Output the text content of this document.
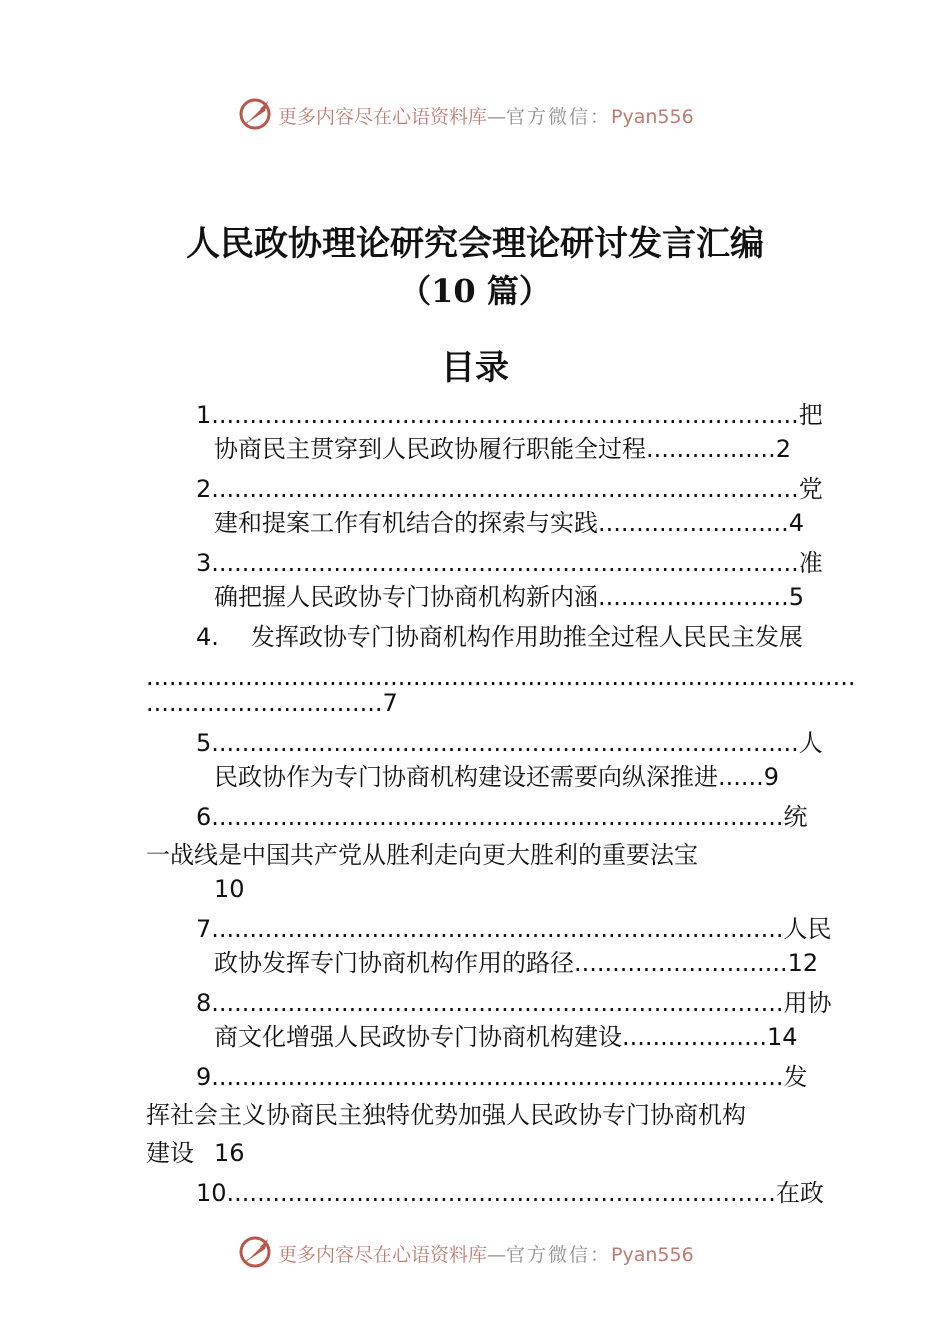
更多内容尽在心语资料库—官方微信：Pyan556
人民政协理论研究会理论研讨发言汇编
（10 篇）
目录
1.............................................................................把
协商民主贯穿到人民政协履行职能全过程.................2
2.............................................................................党
建和提案工作有机结合的探索与实践.........................4
3.............................................................................准
确把握人民政协专门协商机构新内涵.........................5
4. 发挥政协专门协商机构作用助推全过程人民民主发展
.............................................................................................
...............................7
5.............................................................................人
民政协作为专门协商机构建设还需要向纵深推进......9
6...........................................................................统
一战线是中国共产党从胜利走向更大胜利的重要法宝
10
7...........................................................................人民
政协发挥专门协商机构作用的路径............................12
8...........................................................................用协
商文化增强人民政协专门协商机构建设...................14
9...........................................................................发
挥社会主义协商民主独特优势加强人民政协专门协商机构
建设 16
10........................................................................在政
更多内容尽在心语资料库—官方微信：Pyan556
